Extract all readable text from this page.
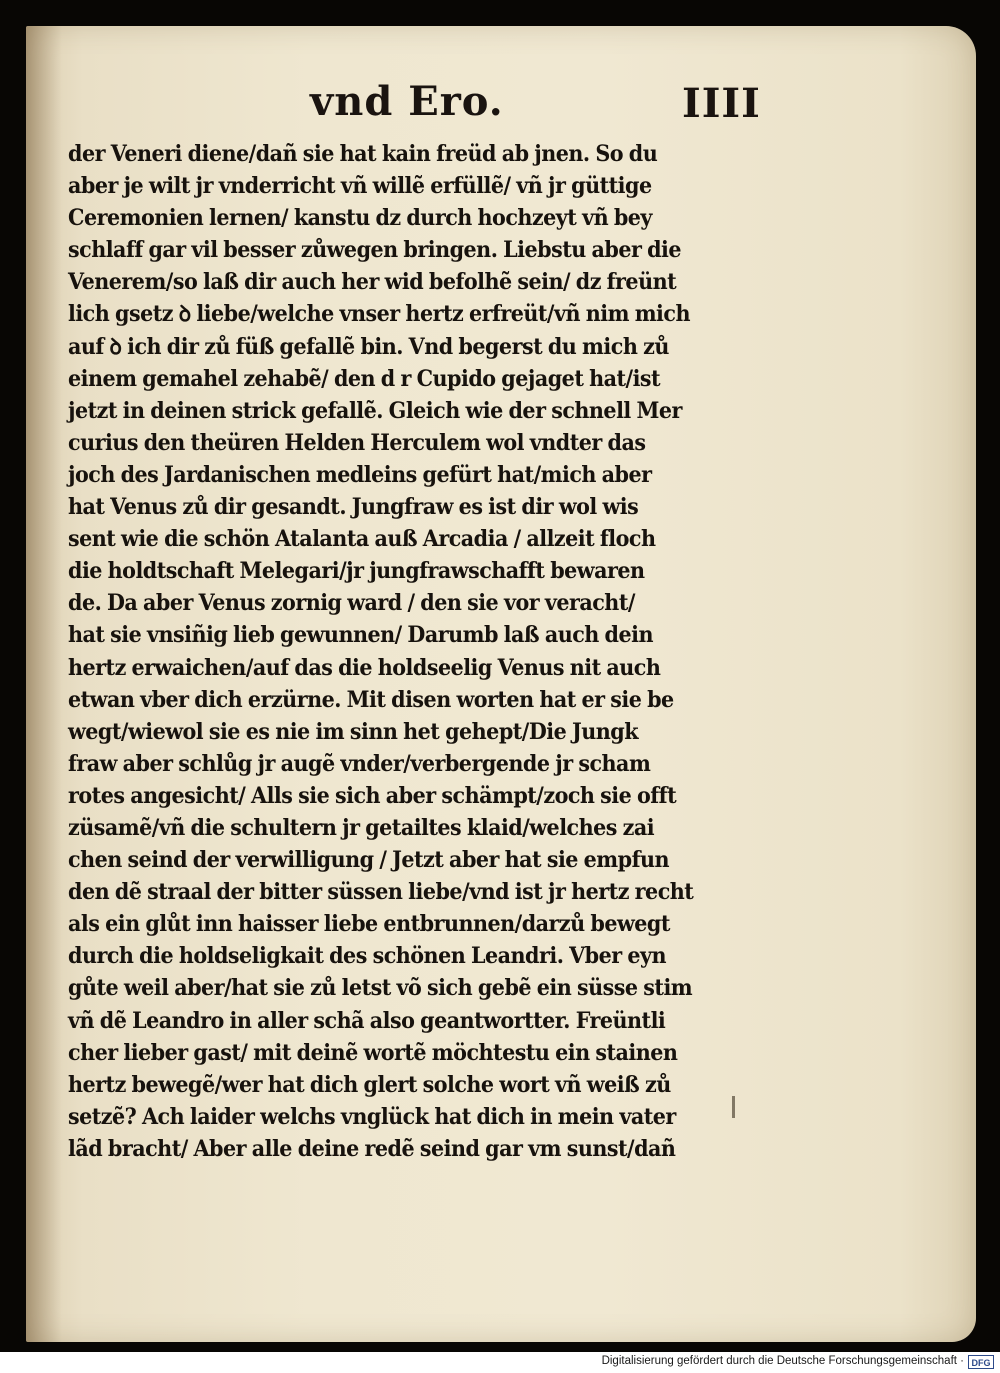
vnd Ero.	IIII
der Veneri diene/dañ sie hat kain freüd ab jnen. So du
aber je wilt jr vnderricht vñ willẽ erfüllẽ/ vñ jr güttige
Ceremonien lernen/ kanstu dz durch hochzeyt vñ bey
schlaff gar vil besser zůwegen bringen. Liebstu aber die
Venerem/so laß dir auch her wid befolhẽ sein/ dz freünt
lich gsetz ꝺ liebe/welche vnser hertz erfreüt/vñ nim mich
auf ꝺ ich dir zů füß gefallẽ bin. Vnd begerst du mich zů
einem gemahel zehabẽ/ den d r Cupido gejaget hat/ist
jetzt in deinen strick gefallẽ. Gleich wie der schnell Mer
curius den theüren Helden Herculem wol vndter das
joch des Jardanischen medleins gefürt hat/mich aber
hat Venus zů dir gesandt. Jungfraw es ist dir wol wis
sent wie die schön Atalanta auß Arcadia / allzeit floch
die holdtschaft Melegari/jr jungfrawschafft bewaren
de. Da aber Venus zornig ward / den sie vor veracht/
hat sie vnsiñig lieb gewunnen/ Darumb laß auch dein
hertz erwaichen/auf das die holdseelig Venus nit auch
etwan vber dich erzürne. Mit disen worten hat er sie be
wegt/wiewol sie es nie im sinn het gehept/Die Jungk
fraw aber schlůg jr augẽ vnder/verbergende jr scham
rotes angesicht/ Alls sie sich aber schämpt/zoch sie offt
züsamẽ/vñ die schultern jr getailtes klaid/welches zai
chen seind der verwilligung / Jetzt aber hat sie empfun
den dẽ straal der bitter süssen liebe/vnd ist jr hertz recht
als ein glůt inn haisser liebe entbrunnen/darzů bewegt
durch die holdseligkait des schönen Leandri. Vber eyn
gůte weil aber/hat sie zů letst võ sich gebẽ ein süsse stim
vñ dẽ Leandro in aller schã also geantwortter. Freüntli
cher lieber gast/ mit deinẽ wortẽ möchtestu ein stainen
hertz bewegẽ/wer hat dich glert solche wort vñ weiß zů
setzẽ? Ach laider welchs vnglück hat dich in mein vater
lãd bracht/ Aber alle deine redẽ seind gar vm sunst/dañ
Digitalisierung gefördert durch die Deutsche Forschungsgemeinschaft · DFG
